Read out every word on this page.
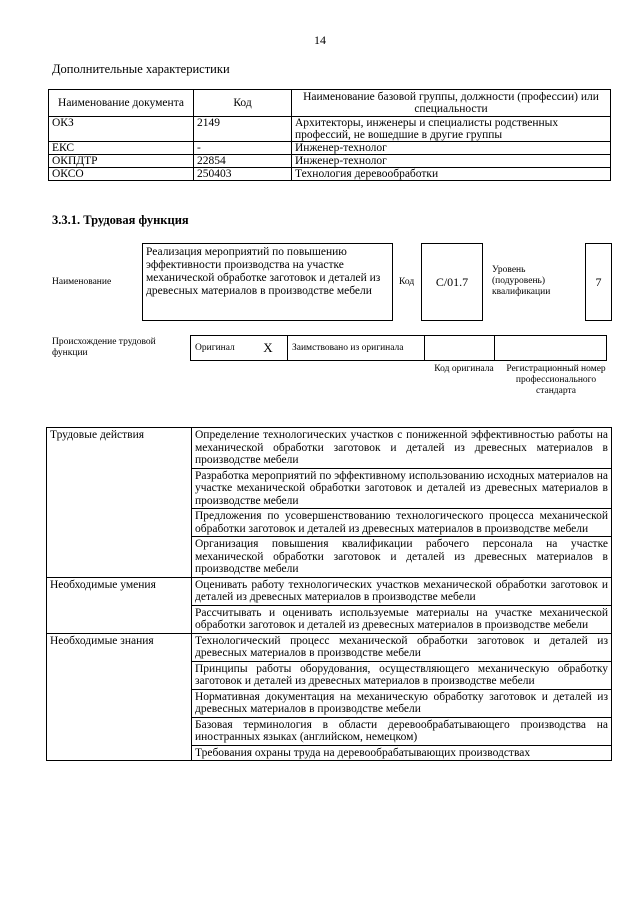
14
Дополнительные характеристики
Наименование документа	Код	Наименование базовой группы, должности (профессии) или специальности
ОКЗ	2149	Архитекторы, инженеры и специалисты родственных профессий, не вошедшие в другие группы
ЕКС	-	Инженер-технолог
ОКПДТР	22854	Инженер-технолог
ОКСО	250403	Технология деревообработки
3.3.1. Трудовая функция
Наименование
Реализация мероприятий по повышению эффективности производства на участке механической обработке заготовок и деталей из древесных материалов в производстве мебели
Код	C/01.7
Уровень (подуровень) квалификации
7
Происхождение трудовой функции	Оригинал	X	Заимствовано из оригинала		
Код оригинала	Регистрационный номер профессионального стандарта
Трудовые действия	Определение технологических участков с пониженной эффективностью работы на механической обработки заготовок и деталей из древесных материалов в производстве мебели
	Разработка мероприятий по эффективному использованию исходных материалов на участке механической обработки заготовок и деталей из древесных материалов в производстве мебели
	Предложения по усовершенствованию технологического процесса механической обработки заготовок и деталей из древесных материалов в производстве мебели
	Организация повышения квалификации рабочего персонала на участке механической обработки заготовок и деталей из древесных материалов в производстве мебели
Необходимые умения	Оценивать работу технологических участков механической обработки заготовок и деталей из древесных материалов в производстве мебели
	Рассчитывать и оценивать используемые материалы на участке механической обработки заготовок и деталей из древесных материалов в производстве мебели
Необходимые знания	Технологический процесс механической обработки заготовок и деталей из древесных материалов в производстве мебели
	Принципы работы оборудования, осуществляющего механическую обработку заготовок и деталей из древесных материалов в производстве мебели
	Нормативная документация на механическую обработку заготовок и деталей из древесных материалов в производстве мебели
	Базовая терминология в области деревообрабатывающего производства на иностранных языках (английском, немецком)
	Требования охраны труда на деревообрабатывающих производствах
